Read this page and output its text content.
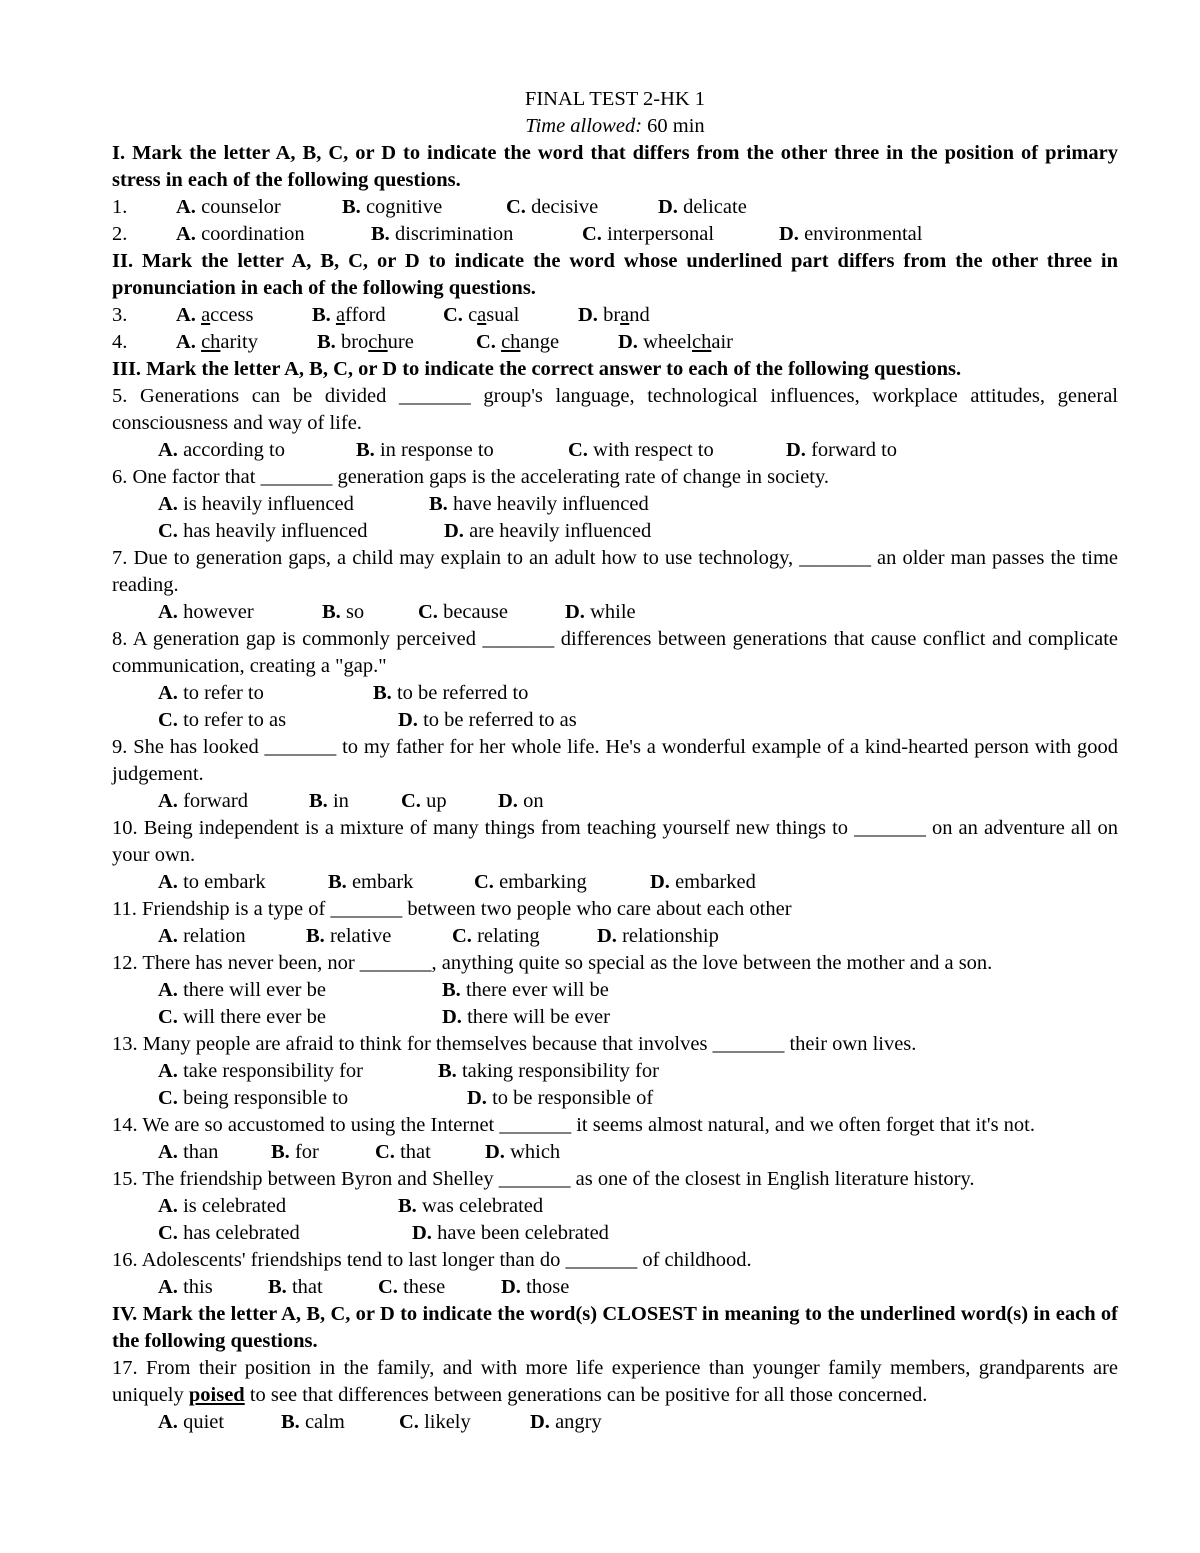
FINAL TEST 2-HK 1
Time allowed: 60 min
I. Mark the letter A, B, C, or D to indicate the word that differs from the other three in the position of primary stress in each of the following questions.
1.	A. counselor	B. cognitive	C. decisive	D. delicate
2.	A. coordination	B. discrimination	C. interpersonal	D. environmental
II. Mark the letter A, B, C, or D to indicate the word whose underlined part differs from the other three in pronunciation in each of the following questions.
3.	A. access	B. afford	C. casual	D. brand
4.	A. charity	B. brochure	C. change	D. wheelchair
III. Mark the letter A, B, C, or D to indicate the correct answer to each of the following questions.
5. Generations can be divided _______ group's language, technological influences, workplace attitudes, general consciousness and way of life.
A. according to	B. in response to	C. with respect to	D. forward to
6. One factor that _______ generation gaps is the accelerating rate of change in society.
A. is heavily influenced	B. have heavily influenced
C. has heavily influenced	D. are heavily influenced
7. Due to generation gaps, a child may explain to an adult how to use technology, _______ an older man passes the time reading.
A. however	B. so	C. because	D. while
8. A generation gap is commonly perceived _______ differences between generations that cause conflict and complicate communication, creating a "gap."
A. to refer to	B. to be referred to
C. to refer to as	D. to be referred to as
9. She has looked _______ to my father for her whole life. He's a wonderful example of a kind-hearted person with good judgement.
A. forward	B. in	C. up	D. on
10. Being independent is a mixture of many things from teaching yourself new things to _______ on an adventure all on your own.
A. to embark	B. embark	C. embarking	D. embarked
11. Friendship is a type of _______ between two people who care about each other
A. relation	B. relative	C. relating	D. relationship
12. There has never been, nor _______, anything quite so special as the love between the mother and a son.
A. there will ever be	B. there ever will be
C. will there ever be	D. there will be ever
13. Many people are afraid to think for themselves because that involves _______ their own lives.
A. take responsibility for	B. taking responsibility for
C. being responsible to	D. to be responsible of
14. We are so accustomed to using the Internet _______ it seems almost natural, and we often forget that it's not.
A. than	B. for	C. that	D. which
15. The friendship between Byron and Shelley _______ as one of the closest in English literature history.
A. is celebrated	B. was celebrated
C. has celebrated	D. have been celebrated
16. Adolescents' friendships tend to last longer than do _______ of childhood.
A. this	B. that	C. these	D. those
IV. Mark the letter A, B, C, or D to indicate the word(s) CLOSEST in meaning to the underlined word(s) in each of the following questions.
17. From their position in the family, and with more life experience than younger family members, grandparents are uniquely poised to see that differences between generations can be positive for all those concerned.
A. quiet	B. calm	C. likely	D. angry
